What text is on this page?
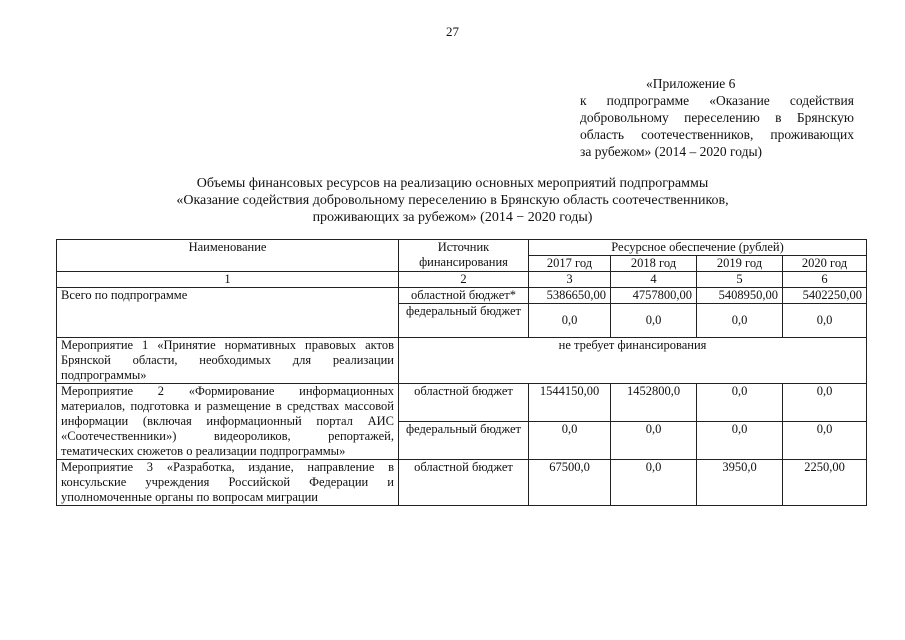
27
«Приложение 6
к подпрограмме «Оказание содействия
добровольному переселению в Брянскую
область соотечественников, проживающих
за рубежом» (2014 – 2020 годы)
Объемы финансовых ресурсов на реализацию основных мероприятий подпрограммы
«Оказание содействия добровольному переселению в Брянскую область соотечественников,
проживающих за рубежом» (2014 − 2020 годы)
Наименование	Источник финансирования	Ресурсное обеспечение (рублей)			
		2017 год	2018 год	2019 год	2020 год
1	2	3	4	5	6
Всего по подпрограмме	областной бюджет*	5386650,00	4757800,00	5408950,00	5402250,00
	федеральный бюджет	0,0	0,0	0,0	0,0
Мероприятие 1 «Принятие нормативных правовых актов Брянской области, необходимых для реализации подпрограммы»	не требует финансирования				
Мероприятие 2 «Формирование информационных материалов, подготовка и размещение в средствах массовой информации (включая информационный портал АИС «Соотечественники») видеороликов, репортажей, тематических сюжетов о реализации подпрограммы»	областной бюджет	1544150,00	1452800,0	0,0	0,0
	федеральный бюджет	0,0	0,0	0,0	0,0
Мероприятие 3 «Разработка, издание, направление в консульские учреждения Российской Федерации и уполномоченные органы по вопросам миграции	областной бюджет	67500,0	0,0	3950,0	2250,00
